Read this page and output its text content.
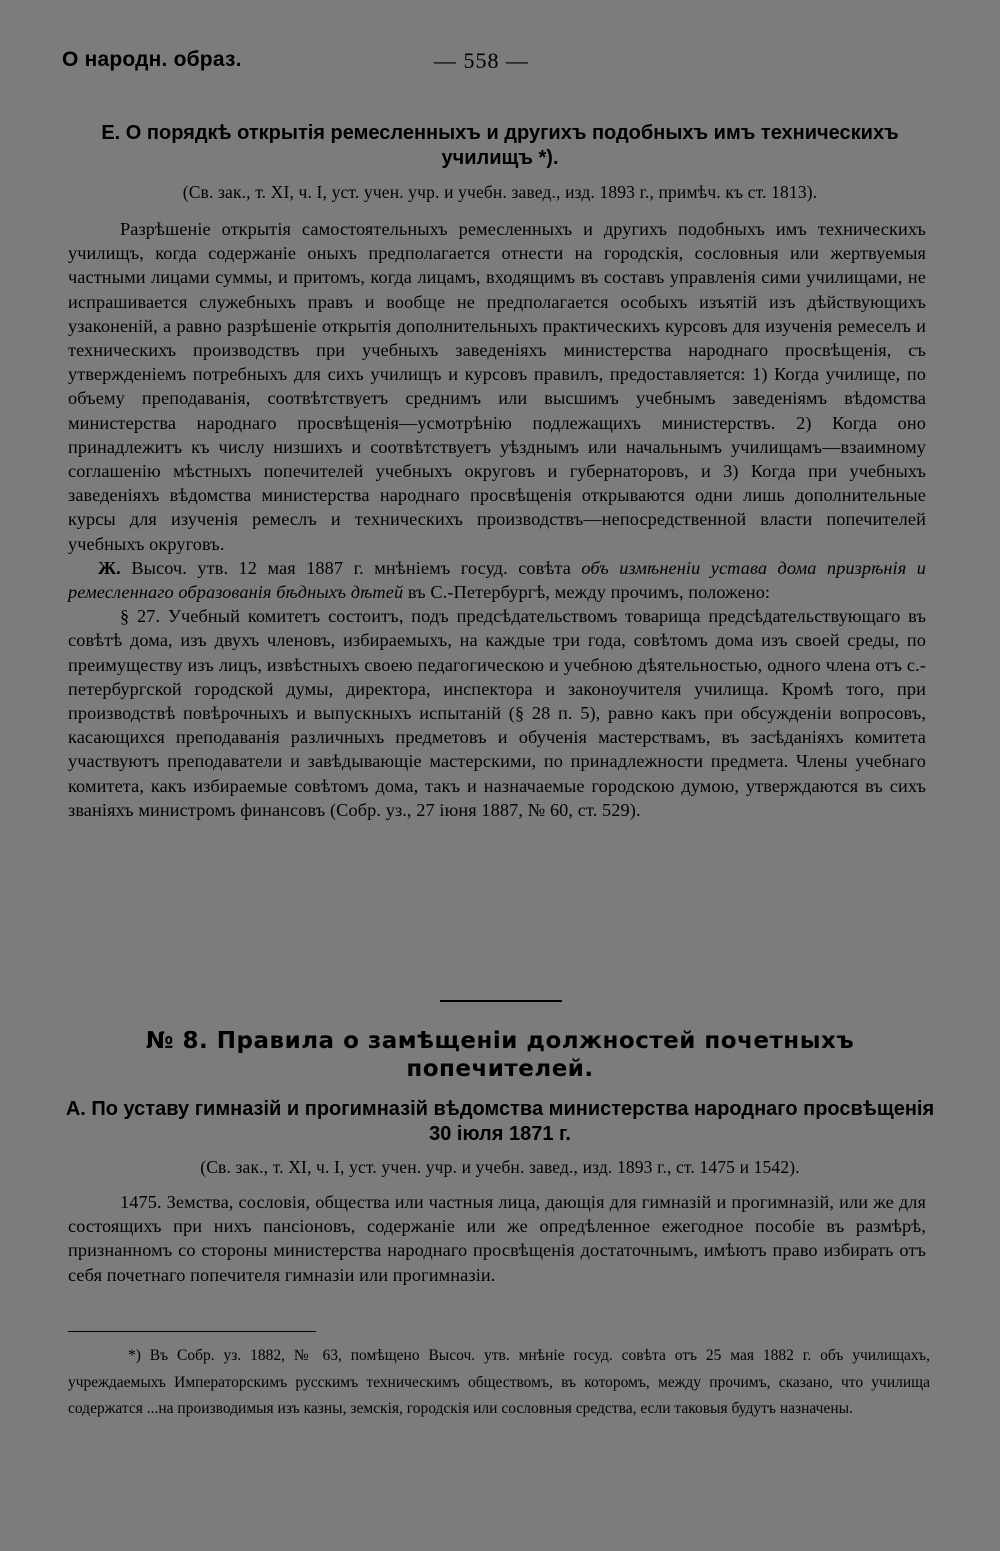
О народн. образ.	— 558 —
Е. О порядкѣ открытія ремесленныхъ и другихъ подобныхъ имъ техническихъ училищъ *).
(Св. зак., т. XI, ч. I, уст. учен. учр. и учебн. завед., изд. 1893 г., примѣч. къ ст. 1813).

Разрѣшеніе открытія самостоятельныхъ ремесленныхъ и другихъ подобныхъ имъ техническихъ училищъ, когда содержаніе оныхъ предполагается отнести на городскія, сословныя или жертвуемыя частными лицами суммы, и притомъ, когда лицамъ, входящимъ въ составъ управленія сими училищами, не испрашивается служебныхъ правъ и вообще не предполагается особыхъ изъятій изъ дѣйствующихъ узаконеній, а равно разрѣшеніе открытія дополнительныхъ практическихъ курсовъ для изученія ремеселъ и техническихъ производствъ при учебныхъ заведеніяхъ министерства народнаго просвѣщенія, съ утвержденіемъ потребныхъ для сихъ училищъ и курсовъ правилъ, предоставляется: 1) Когда училище, по объему преподаванія, соотвѣтствуетъ среднимъ или высшимъ учебнымъ заведеніямъ вѣдомства министерства народнаго просвѣщенія—усмотрѣнію подлежащихъ министерствъ. 2) Когда оно принадлежитъ къ числу низшихъ и соотвѣтствуетъ уѣзднымъ или начальнымъ училищамъ—взаимному соглашенію мѣстныхъ попечителей учебныхъ округовъ и губернаторовъ, и 3) Когда при учебныхъ заведеніяхъ вѣдомства министерства народнаго просвѣщенія открываются одни лишь дополнительные курсы для изученія ремеслъ и техническихъ производствъ—непосредственной власти попечителей учебныхъ округовъ.

Ж. Высоч. утв. 12 мая 1887 г. мнѣніемъ госуд. совѣта объ измѣненіи устава дома призрѣнія и ремесленнаго образованія бѣдныхъ дѣтей въ С.-Петербургѣ, между прочимъ, положено:

§ 27. Учебный комитетъ состоитъ, подъ предсѣдательствомъ товарища предсѣдательствующаго въ совѣтѣ дома, изъ двухъ членовъ, избираемыхъ, на каждые три года, совѣтомъ дома изъ своей среды, по преимуществу изъ лицъ, извѣстныхъ своею педагогическою и учебною дѣятельностью, одного члена отъ с.-петербургской городской думы, директора, инспектора и законоучителя училища. Кромѣ того, при производствѣ повѣрочныхъ и выпускныхъ испытаній (§ 28 п. 5), равно какъ при обсужденіи вопросовъ, касающихся преподаванія различныхъ предметовъ и обученія мастерствамъ, въ засѣданіяхъ комитета участвуютъ преподаватели и завѣдывающіе мастерскими, по принадлежности предмета. Члены учебнаго комитета, какъ избираемые совѣтомъ дома, такъ и назначаемые городскою думою, утверждаются въ сихъ званіяхъ министромъ финансовъ (Собр. уз., 27 іюня 1887, № 60, ст. 529).

№ 8. Правила о замѣщеніи должностей почетныхъ попечителей.
А. По уставу гимназій и прогимназій вѣдомства министерства народнаго просвѣщенія 30 іюля 1871 г.
(Св. зак., т. XI, ч. I, уст. учен. учр. и учебн. завед., изд. 1893 г., ст. 1475 и 1542).

1475. Земства, сословія, общества или частныя лица, дающія для гимназій и прогимназій, или же для состоящихъ при нихъ пансіоновъ, содержаніе или же опредѣленное ежегодное пособіе въ размѣрѣ, признанномъ со стороны министерства народнаго просвѣщенія достаточнымъ, имѣютъ право избирать отъ себя почетнаго попечителя гимназіи или прогимназіи.

*) Въ Собр. уз. 1882, № 63, помѣщено Высоч. утв. мнѣніе госуд. совѣта отъ 25 мая 1882 г. объ училищахъ, учреждаемыхъ Императорскимъ русскимъ техническимъ обществомъ, въ которомъ, между прочимъ, сказано, что училища содержатся ...на производимыя изъ казны, земскія, городскія или сословныя средства, если таковыя будутъ назначены.
